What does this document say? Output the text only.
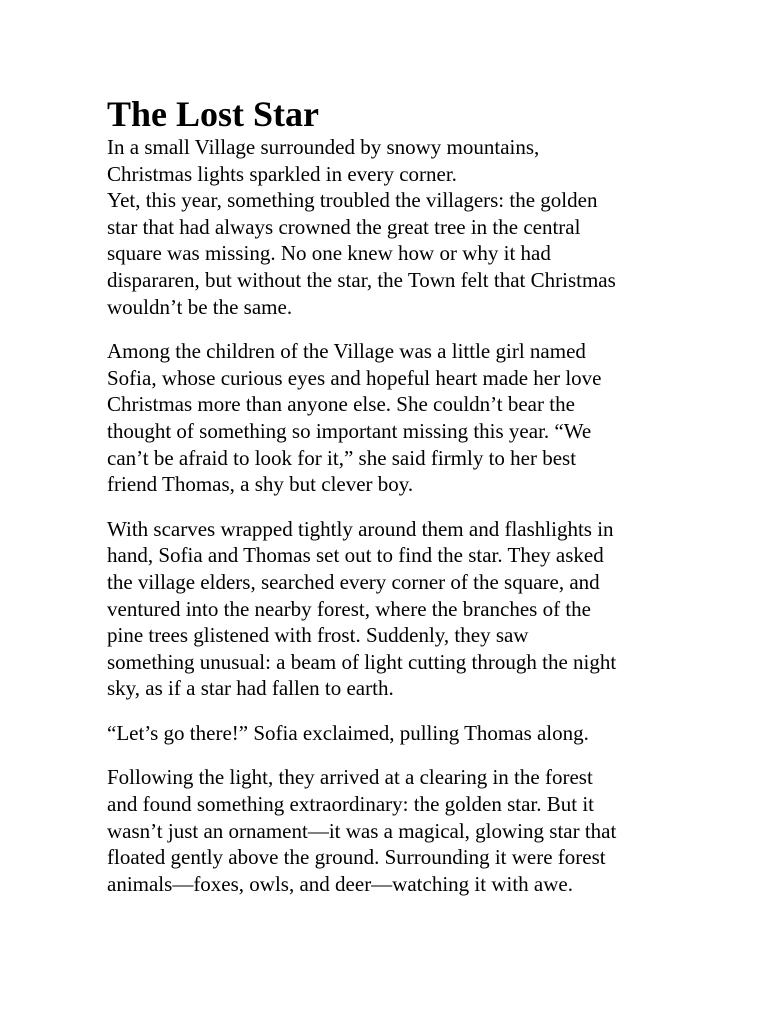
The Lost Star

In a small Village surrounded by snowy mountains,
Christmas lights sparkled in every corner.
Yet, this year, something troubled the villagers: the golden
star that had always crowned the great tree in the central
square was missing. No one knew how or why it had
dispararen, but without the star, the Town felt that Christmas
wouldn’t be the same.

Among the children of the Village was a little girl named
Sofia, whose curious eyes and hopeful heart made her love
Christmas more than anyone else. She couldn’t bear the
thought of something so important missing this year. “We
can’t be afraid to look for it,” she said firmly to her best
friend Thomas, a shy but clever boy.

With scarves wrapped tightly around them and flashlights in
hand, Sofia and Thomas set out to find the star. They asked
the village elders, searched every corner of the square, and
ventured into the nearby forest, where the branches of the
pine trees glistened with frost. Suddenly, they saw
something unusual: a beam of light cutting through the night
sky, as if a star had fallen to earth.

“Let’s go there!” Sofia exclaimed, pulling Thomas along.

Following the light, they arrived at a clearing in the forest
and found something extraordinary: the golden star. But it
wasn’t just an ornament—it was a magical, glowing star that
floated gently above the ground. Surrounding it were forest
animals—foxes, owls, and deer—watching it with awe.
